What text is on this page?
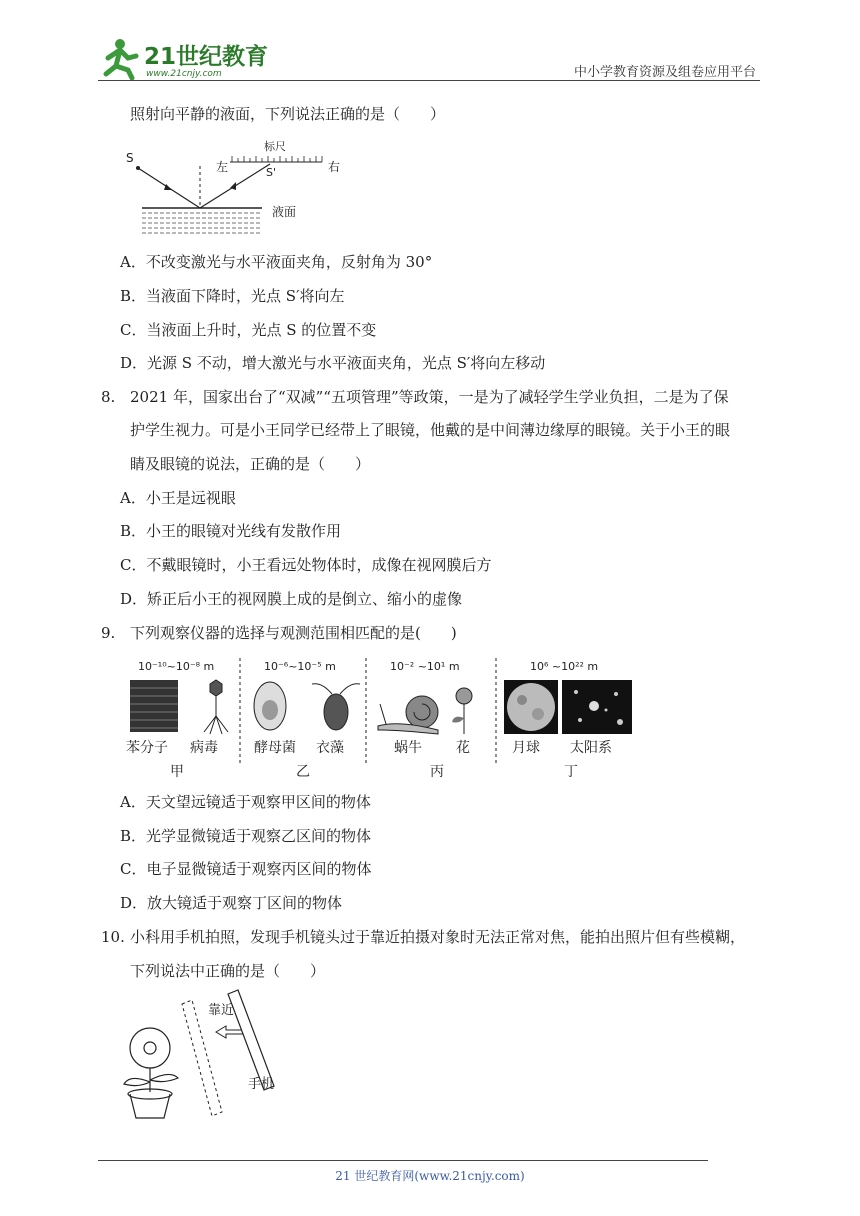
21世纪教育
www.21cnjy.com	中小学教育资源及组卷应用平台
照射向平静的液面，下列说法正确的是（　　）
S
左
标尺
右
S'
液面
A．不改变激光与水平液面夹角，反射角为 30°
B．当液面下降时，光点 S′将向左
C．当液面上升时，光点 S 的位置不变
D．光源 S 不动，增大激光与水平液面夹角，光点 S′将向左移动
8. 2021 年，国家出台了“双减”“五项管理”等政策，一是为了减轻学生学业负担，二是为了保
护学生视力。可是小王同学已经带上了眼镜，他戴的是中间薄边缘厚的眼镜。关于小王的眼
睛及眼镜的说法，正确的是（　　）
A．小王是远视眼
B．小王的眼镜对光线有发散作用
C．不戴眼镜时，小王看远处物体时，成像在视网膜后方
D．矫正后小王的视网膜上成的是倒立、缩小的虚像
9. 下列观察仪器的选择与观测范围相匹配的是(　　)
10⁻¹⁰~10⁻⁸ m	10⁻⁶~10⁻⁵ m	10⁻² ~10¹ m	10⁶ ~10²² m
苯分子 病毒	酵母菌 衣藻	蜗牛 花	月球 太阳系
甲	乙	丙	丁
A．天文望远镜适于观察甲区间的物体
B．光学显微镜适于观察乙区间的物体
C．电子显微镜适于观察丙区间的物体
D．放大镜适于观察丁区间的物体
10. 小科用手机拍照，发现手机镜头过于靠近拍摄对象时无法正常对焦，能拍出照片但有些模糊，
下列说法中正确的是（　　）
靠近
手机
21 世纪教育网(www.21cnjy.com)
